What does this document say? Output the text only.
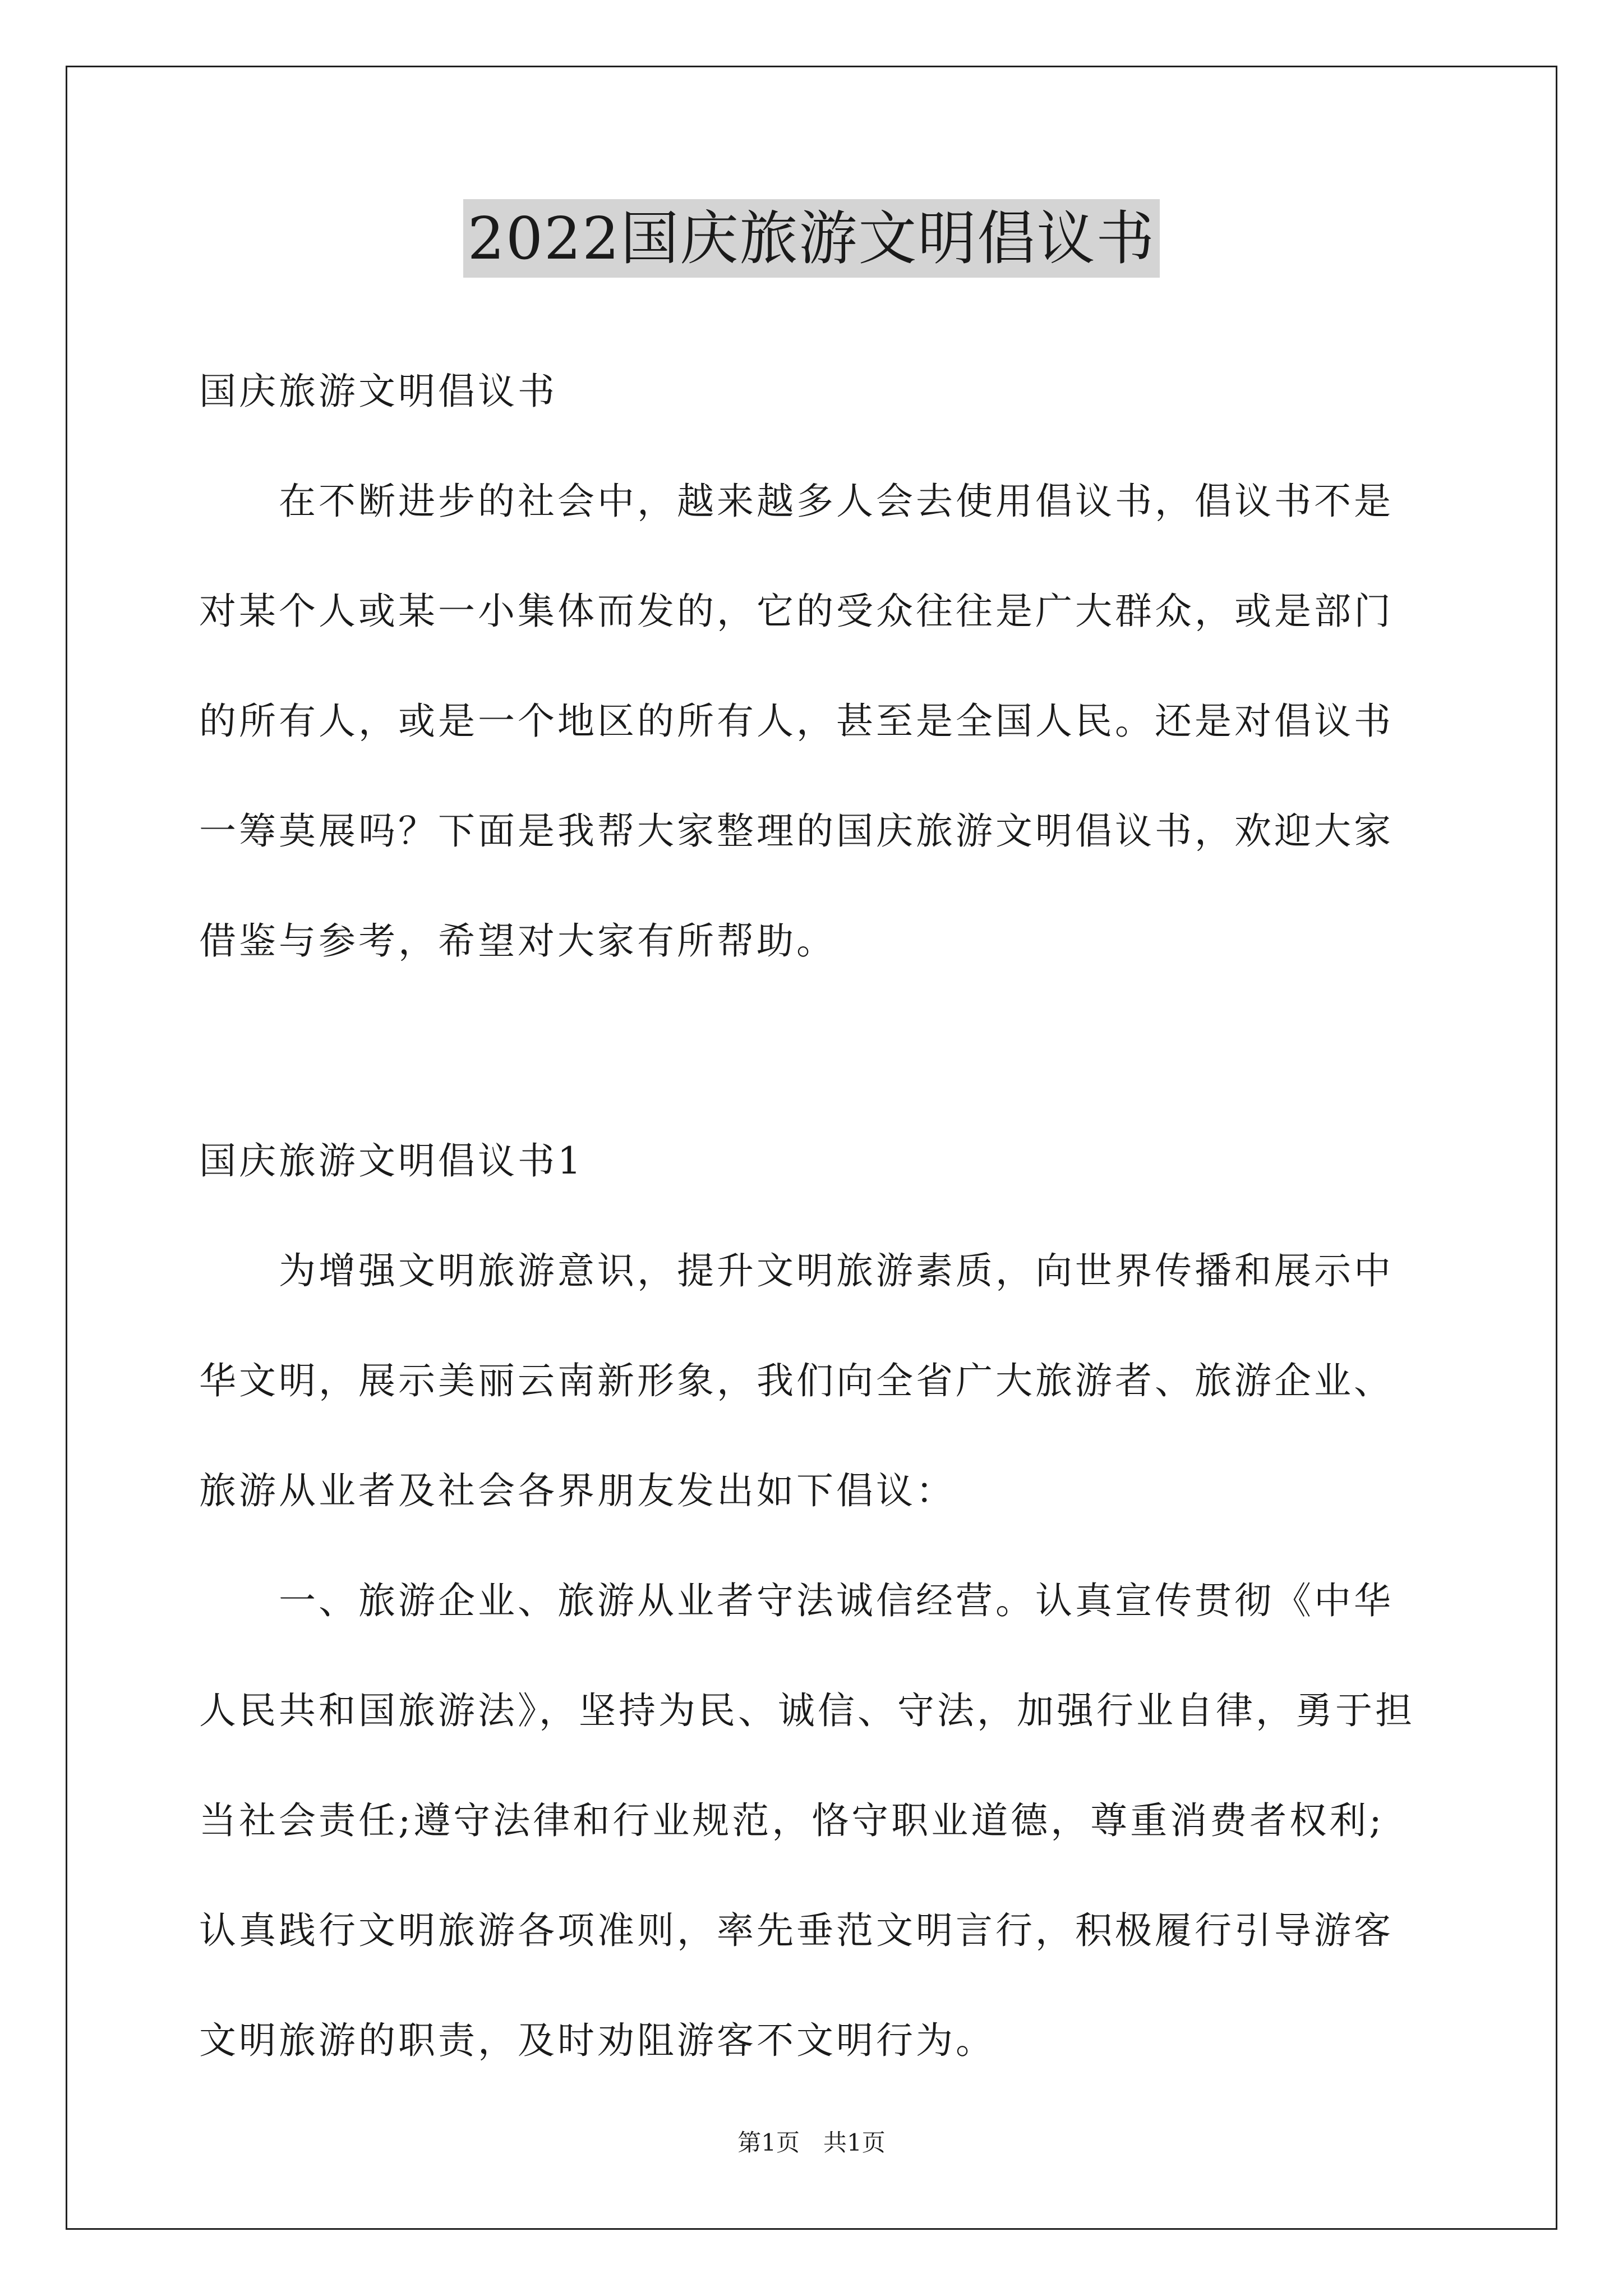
2022国庆旅游文明倡议书
国庆旅游文明倡议书
　　在不断进步的社会中，越来越多人会去使用倡议书，倡议书不是
对某个人或某一小集体而发的，它的受众往往是广大群众，或是部门
的所有人，或是一个地区的所有人，甚至是全国人民。还是对倡议书
一筹莫展吗？下面是我帮大家整理的国庆旅游文明倡议书，欢迎大家
借鉴与参考，希望对大家有所帮助。
国庆旅游文明倡议书1
　　为增强文明旅游意识，提升文明旅游素质，向世界传播和展示中
华文明，展示美丽云南新形象，我们向全省广大旅游者、旅游企业、
旅游从业者及社会各界朋友发出如下倡议：
　　一、旅游企业、旅游从业者守法诚信经营。认真宣传贯彻《中华
人民共和国旅游法》，坚持为民、诚信、守法，加强行业自律，勇于担
当社会责任;遵守法律和行业规范，恪守职业道德，尊重消费者权利;
认真践行文明旅游各项准则，率先垂范文明言行，积极履行引导游客
文明旅游的职责，及时劝阻游客不文明行为。
第1页　共1页
